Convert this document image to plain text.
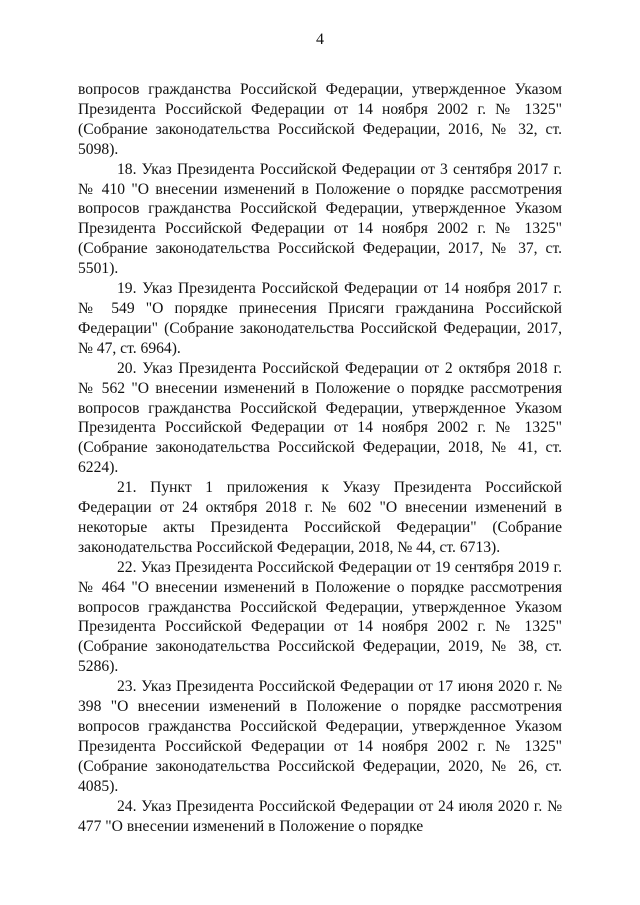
4

вопросов гражданства Российской Федерации, утвержденное Указом Президента Российской Федерации от 14 ноября 2002 г. № 1325" (Собрание законодательства Российской Федерации, 2016, № 32, ст. 5098).

18. Указ Президента Российской Федерации от 3 сентября 2017 г. № 410 "О внесении изменений в Положение о порядке рассмотрения вопросов гражданства Российской Федерации, утвержденное Указом Президента Российской Федерации от 14 ноября 2002 г. № 1325" (Собрание законодательства Российской Федерации, 2017, № 37, ст. 5501).

19. Указ Президента Российской Федерации от 14 ноября 2017 г. № 549 "О порядке принесения Присяги гражданина Российской Федерации" (Собрание законодательства Российской Федерации, 2017, № 47, ст. 6964).

20. Указ Президента Российской Федерации от 2 октября 2018 г. № 562 "О внесении изменений в Положение о порядке рассмотрения вопросов гражданства Российской Федерации, утвержденное Указом Президента Российской Федерации от 14 ноября 2002 г. № 1325" (Собрание законодательства Российской Федерации, 2018, № 41, ст. 6224).

21. Пункт 1 приложения к Указу Президента Российской Федерации от 24 октября 2018 г. № 602 "О внесении изменений в некоторые акты Президента Российской Федерации" (Собрание законодательства Российской Федерации, 2018, № 44, ст. 6713).

22. Указ Президента Российской Федерации от 19 сентября 2019 г. № 464 "О внесении изменений в Положение о порядке рассмотрения вопросов гражданства Российской Федерации, утвержденное Указом Президента Российской Федерации от 14 ноября 2002 г. № 1325" (Собрание законодательства Российской Федерации, 2019, № 38, ст. 5286).

23. Указ Президента Российской Федерации от 17 июня 2020 г. № 398 "О внесении изменений в Положение о порядке рассмотрения вопросов гражданства Российской Федерации, утвержденное Указом Президента Российской Федерации от 14 ноября 2002 г. № 1325" (Собрание законодательства Российской Федерации, 2020, № 26, ст. 4085).

24. Указ Президента Российской Федерации от 24 июля 2020 г. № 477 "О внесении изменений в Положение о порядке
